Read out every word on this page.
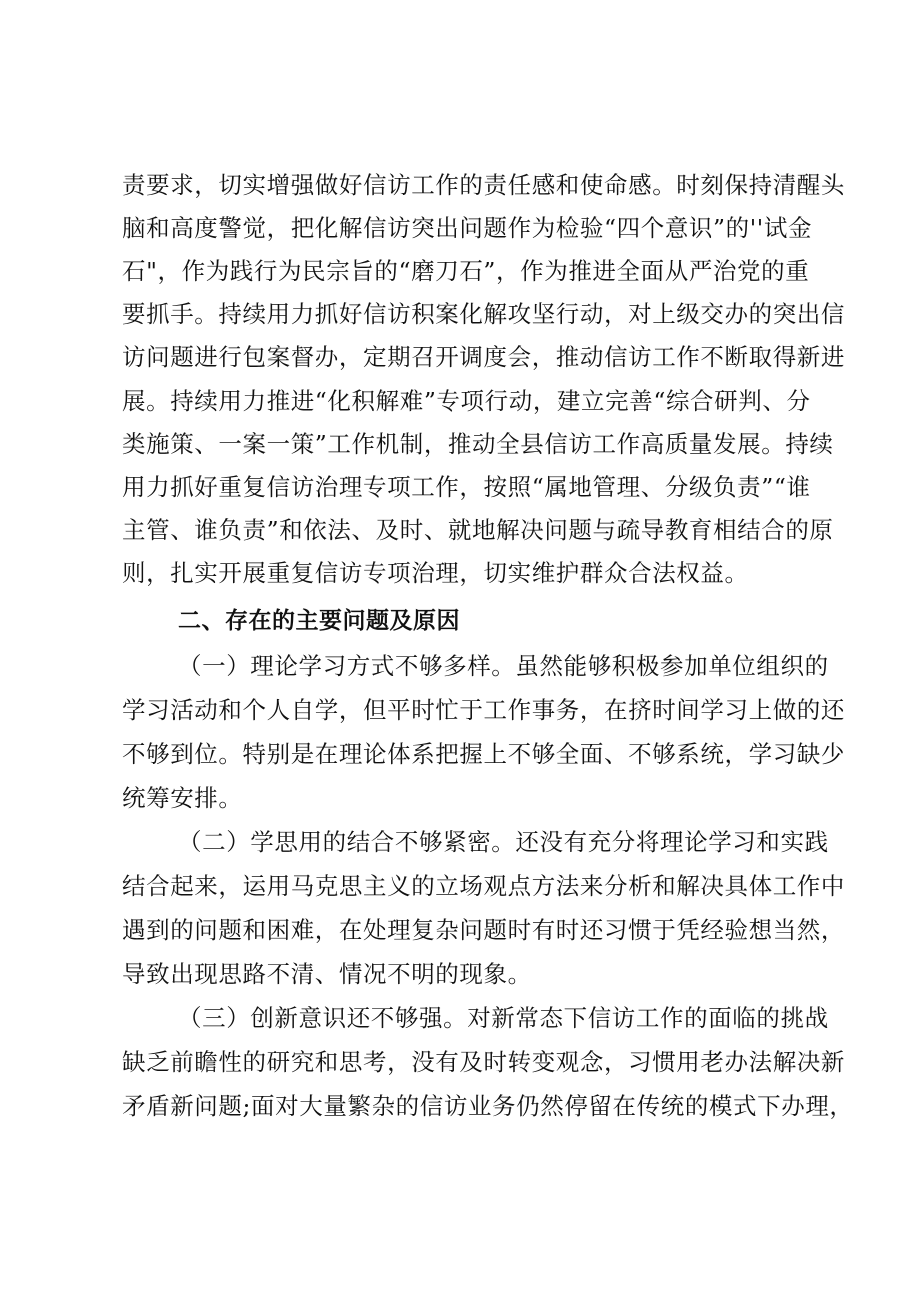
责要求，切实增强做好信访工作的责任感和使命感。时刻保持清醒头
脑和高度警觉，把化解信访突出问题作为检验“四个意识”的''试金
石"，作为践行为民宗旨的“磨刀石”，作为推进全面从严治党的重
要抓手。持续用力抓好信访积案化解攻坚行动，对上级交办的突出信
访问题进行包案督办，定期召开调度会，推动信访工作不断取得新进
展。持续用力推进“化积解难”专项行动，建立完善“综合研判、分
类施策、一案一策”工作机制，推动全县信访工作高质量发展。持续
用力抓好重复信访治理专项工作，按照“属地管理、分级负责”“谁
主管、谁负责”和依法、及时、就地解决问题与疏导教育相结合的原
则，扎实开展重复信访专项治理，切实维护群众合法权益。
二、存在的主要问题及原因
（一）理论学习方式不够多样。虽然能够积极参加单位组织的
学习活动和个人自学，但平时忙于工作事务，在挤时间学习上做的还
不够到位。特别是在理论体系把握上不够全面、不够系统，学习缺少
统筹安排。
（二）学思用的结合不够紧密。还没有充分将理论学习和实践
结合起来，运用马克思主义的立场观点方法来分析和解决具体工作中
遇到的问题和困难，在处理复杂问题时有时还习惯于凭经验想当然，
导致出现思路不清、情况不明的现象。
（三）创新意识还不够强。对新常态下信访工作的面临的挑战
缺乏前瞻性的研究和思考，没有及时转变观念，习惯用老办法解决新
矛盾新问题;面对大量繁杂的信访业务仍然停留在传统的模式下办理，
